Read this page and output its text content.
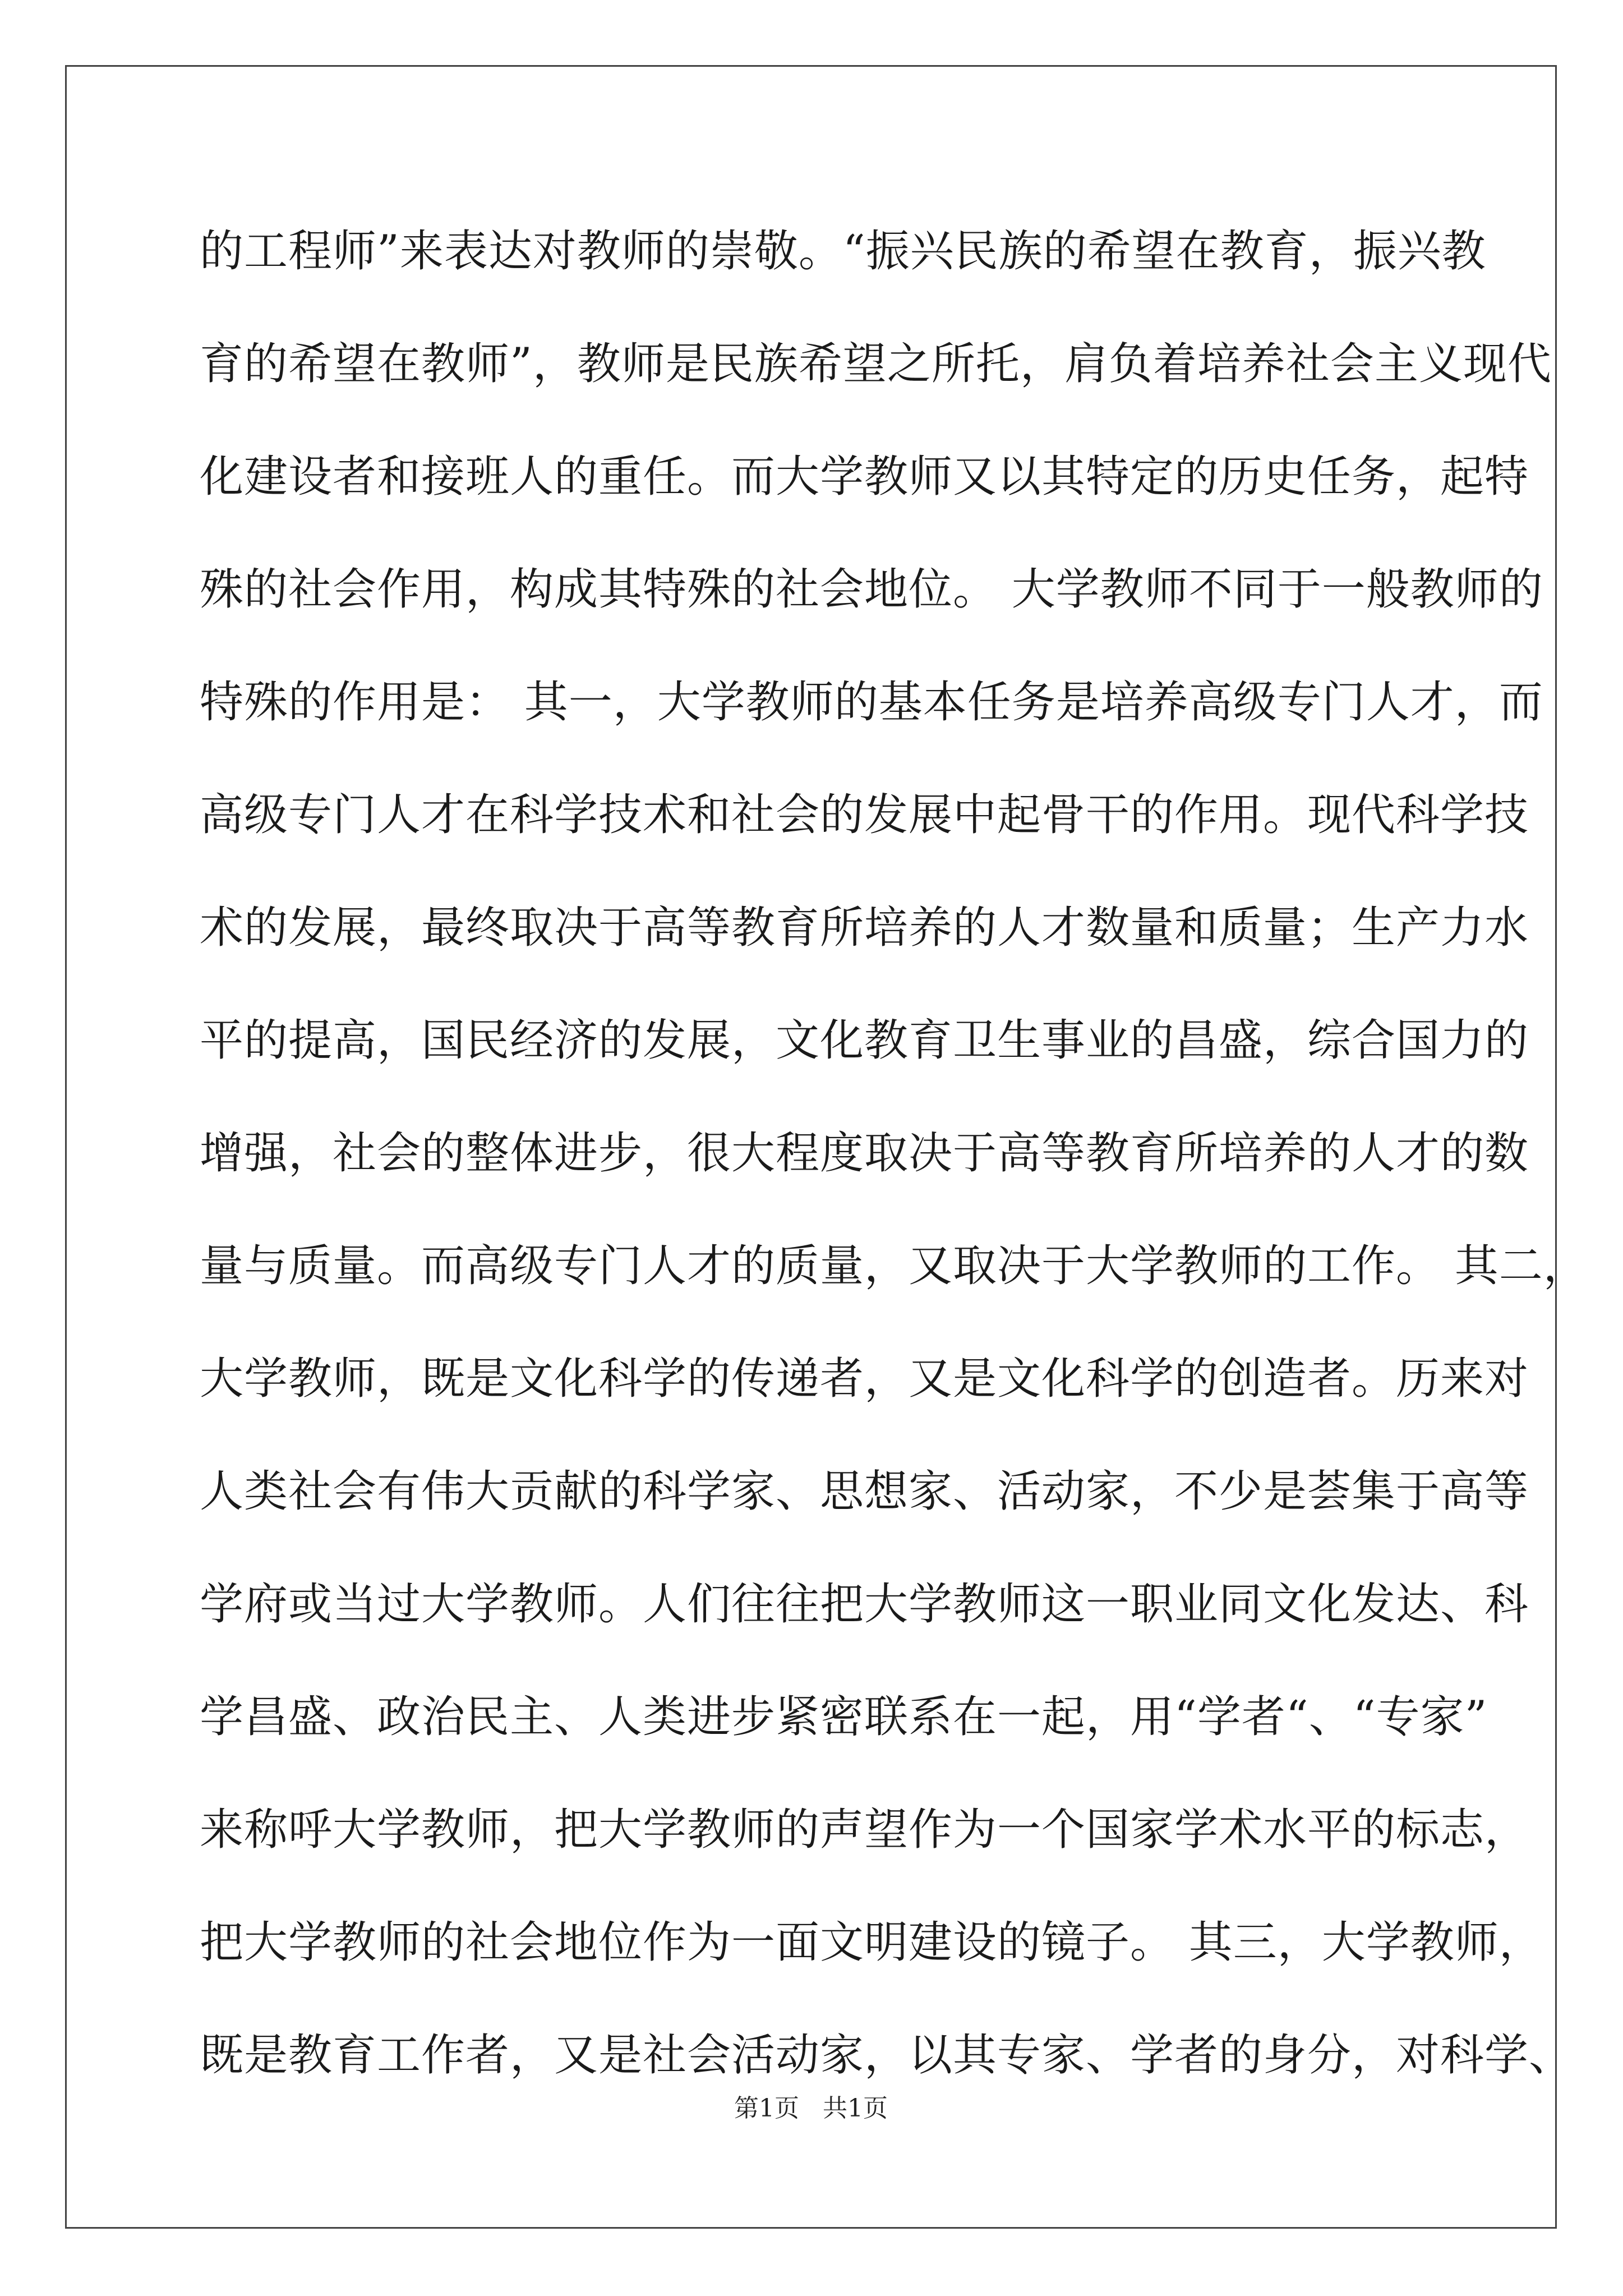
的工程师”来表达对教师的崇敬。“振兴民族的希望在教育，振兴教
育的希望在教师”，教师是民族希望之所托，肩负着培养社会主义现代
化建设者和接班人的重任。而大学教师又以其特定的历史任务，起特
殊的社会作用，构成其特殊的社会地位。 大学教师不同于一般教师的
特殊的作用是： 其一，大学教师的基本任务是培养高级专门人才，而
高级专门人才在科学技术和社会的发展中起骨干的作用。现代科学技
术的发展，最终取决于高等教育所培养的人才数量和质量；生产力水
平的提高，国民经济的发展，文化教育卫生事业的昌盛，综合国力的
增强，社会的整体进步，很大程度取决于高等教育所培养的人才的数
量与质量。而高级专门人才的质量，又取决于大学教师的工作。 其二，
大学教师，既是文化科学的传递者，又是文化科学的创造者。历来对
人类社会有伟大贡献的科学家、思想家、活动家，不少是荟集于高等
学府或当过大学教师。人们往往把大学教师这一职业同文化发达、科
学昌盛、政治民主、人类进步紧密联系在一起，用“学者“、“专家”
来称呼大学教师，把大学教师的声望作为一个国家学术水平的标志，
把大学教师的社会地位作为一面文明建设的镜子。 其三，大学教师，
既是教育工作者，又是社会活动家，以其专家、学者的身分，对科学、
第1页   共1页
